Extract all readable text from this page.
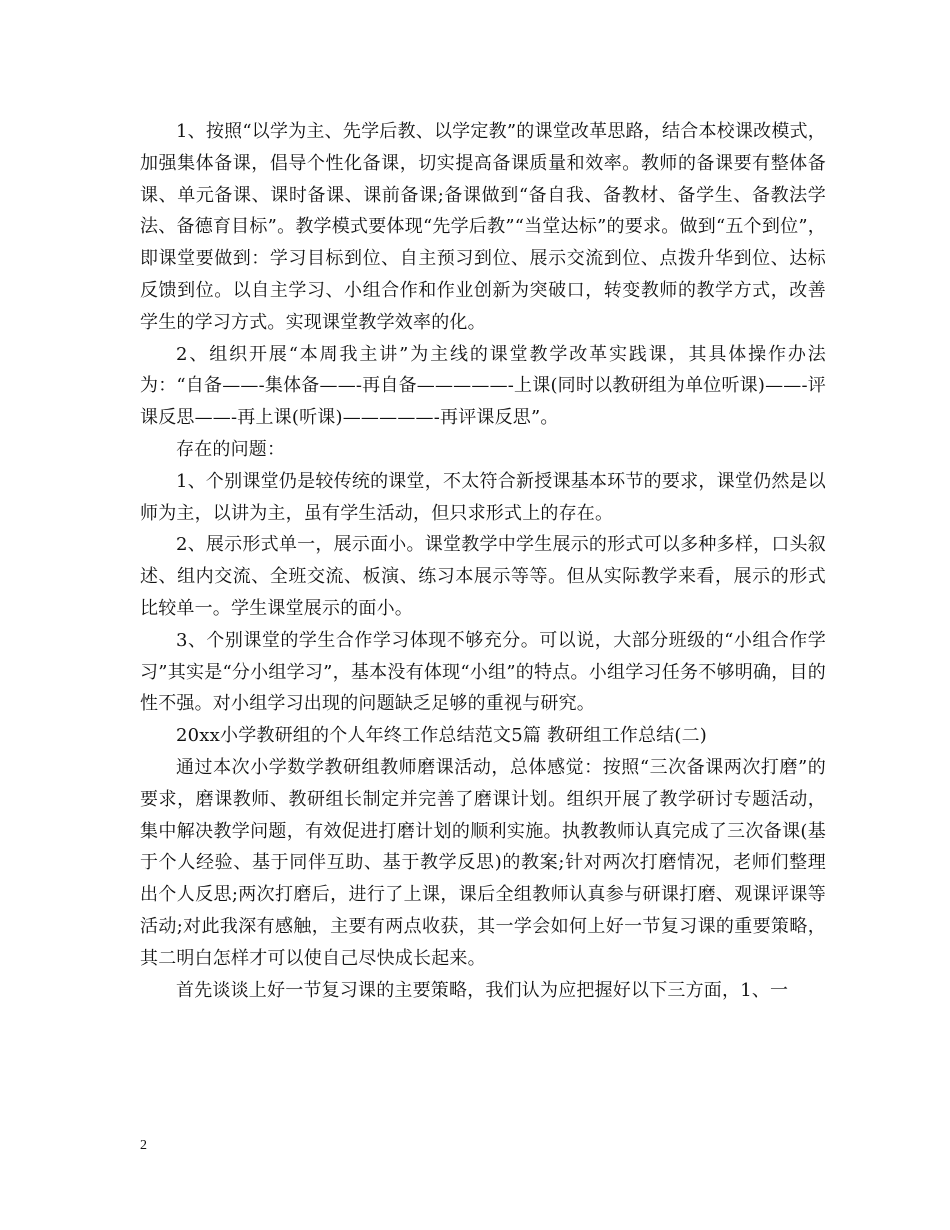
1、按照“以学为主、先学后教、以学定教”的课堂改革思路，结合本校课改模式，加强集体备课，倡导个性化备课，切实提高备课质量和效率。教师的备课要有整体备课、单元备课、课时备课、课前备课;备课做到“备自我、备教材、备学生、备教法学法、备德育目标”。教学模式要体现“先学后教”“当堂达标”的要求。做到“五个到位”，即课堂要做到：学习目标到位、自主预习到位、展示交流到位、点拨升华到位、达标反馈到位。以自主学习、小组合作和作业创新为突破口，转变教师的教学方式，改善学生的学习方式。实现课堂教学效率的化。

2、组织开展“本周我主讲”为主线的课堂教学改革实践课，其具体操作办法为：“自备——-集体备——-再自备—————-上课(同时以教研组为单位听课)——-评课反思——-再上课(听课)—————-再评课反思”。

存在的问题：

1、个别课堂仍是较传统的课堂，不太符合新授课基本环节的要求，课堂仍然是以师为主，以讲为主，虽有学生活动，但只求形式上的存在。

2、展示形式单一，展示面小。课堂教学中学生展示的形式可以多种多样，口头叙述、组内交流、全班交流、板演、练习本展示等等。但从实际教学来看，展示的形式比较单一。学生课堂展示的面小。

3、个别课堂的学生合作学习体现不够充分。可以说，大部分班级的“小组合作学习”其实是“分小组学习”，基本没有体现“小组”的特点。小组学习任务不够明确，目的性不强。对小组学习出现的问题缺乏足够的重视与研究。

20xx小学教研组的个人年终工作总结范文5篇 教研组工作总结(二)

通过本次小学数学教研组教师磨课活动，总体感觉：按照“三次备课两次打磨”的要求，磨课教师、教研组长制定并完善了磨课计划。组织开展了教学研讨专题活动，集中解决教学问题，有效促进打磨计划的顺利实施。执教教师认真完成了三次备课(基于个人经验、基于同伴互助、基于教学反思)的教案;针对两次打磨情况，老师们整理出个人反思;两次打磨后，进行了上课，课后全组教师认真参与研课打磨、观课评课等活动;对此我深有感触，主要有两点收获，其一学会如何上好一节复习课的重要策略，其二明白怎样才可以使自己尽快成长起来。

首先谈谈上好一节复习课的主要策略，我们认为应把握好以下三方面，1、一

2
